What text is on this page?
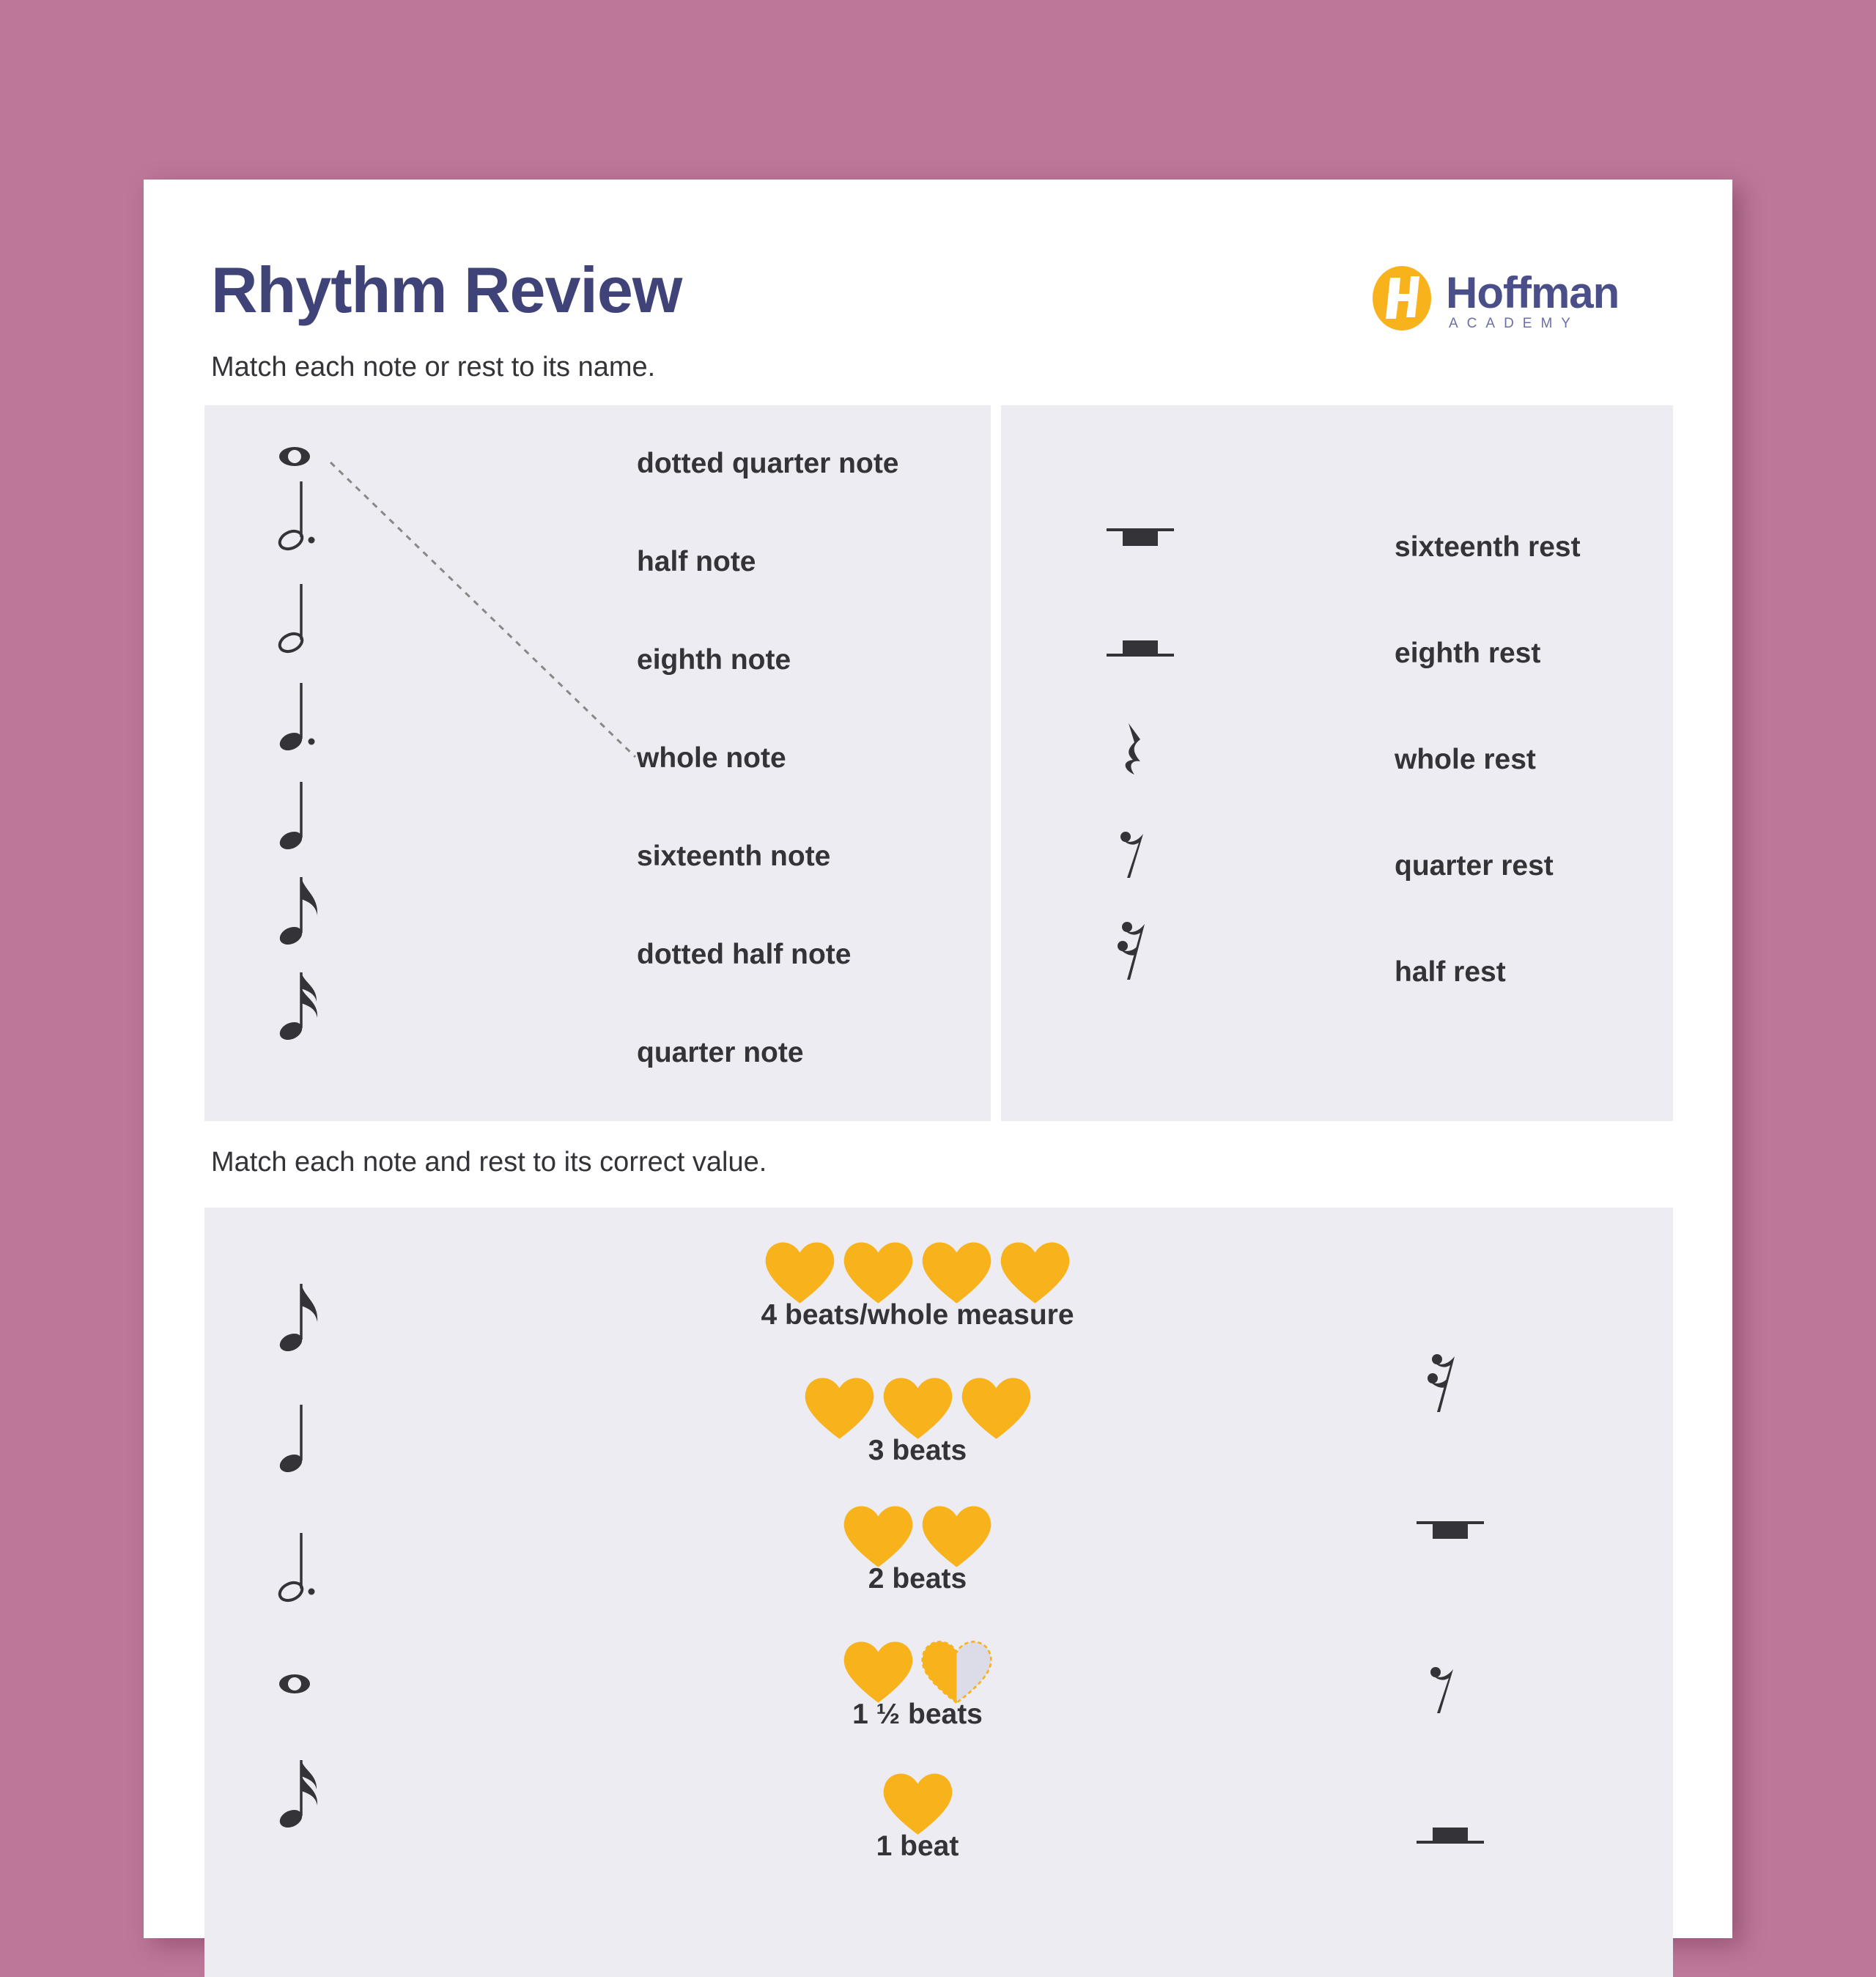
Rhythm Review	Hoffman
ACADEMY
Match each note or rest to its name.
dotted quarter note
half note
eighth note
whole note
sixteenth note
dotted half note
quarter note
sixteenth rest
eighth rest
whole rest
quarter rest
half rest
Match each note and rest to its correct value.
4 beats/whole measure
3 beats
2 beats
1 ½ beats
1 beat
